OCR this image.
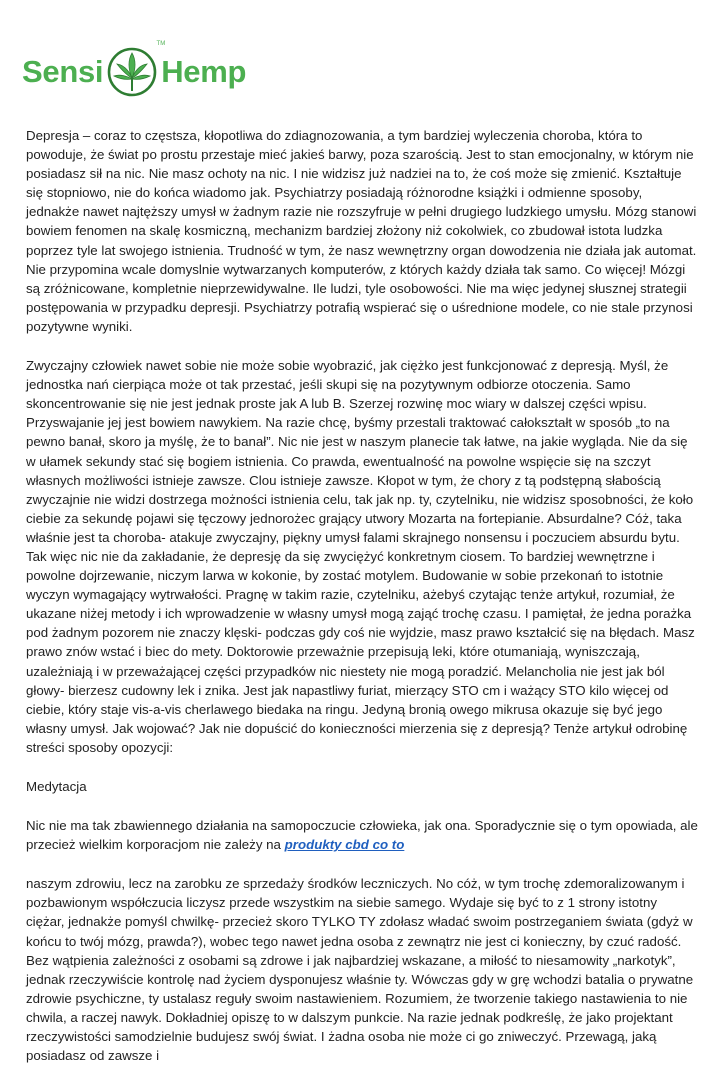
Sensi
TM
Hemp

Depresja – coraz to częstsza, kłopotliwa do zdiagnozowania, a tym bardziej wyleczenia choroba, która to powoduje, że świat po prostu przestaje mieć jakieś barwy, poza szarością. Jest to stan emocjonalny, w którym nie posiadasz sił na nic. Nie masz ochoty na nic. I nie widzisz już nadziei na to, że coś może się zmienić. Kształtuje się stopniowo, nie do końca wiadomo jak. Psychiatrzy posiadają różnorodne książki i odmienne sposoby, jednakże nawet najtęższy umysł w żadnym razie nie rozszyfruje w pełni drugiego ludzkiego umysłu. Mózg stanowi bowiem fenomen na skalę kosmiczną, mechanizm bardziej złożony niż cokolwiek, co zbudował istota ludzka poprzez tyle lat swojego istnienia. Trudność w tym, że nasz wewnętrzny organ dowodzenia nie działa jak automat. Nie przypomina wcale domyslnie wytwarzanych komputerów, z których każdy działa tak samo. Co więcej! Mózgi są zróżnicowane, kompletnie nieprzewidywalne. Ile ludzi, tyle osobowości. Nie ma więc jedynej słusznej strategii postępowania w przypadku depresji. Psychiatrzy potrafią wspierać się o uśrednione modele, co nie stale przynosi pozytywne wyniki.

Zwyczajny człowiek nawet sobie nie może sobie wyobrazić, jak ciężko jest funkcjonować z depresją. Myśl, że jednostka nań cierpiąca może ot tak przestać, jeśli skupi się na pozytywnym odbiorze otoczenia. Samo skoncentrowanie się nie jest jednak proste jak A lub B. Szerzej rozwinę moc wiary w dalszej części wpisu. Przyswajanie jej jest bowiem nawykiem. Na razie chcę, byśmy przestali traktować całokształt w sposób „to na pewno banał, skoro ja myślę, że to banał”. Nic nie jest w naszym planecie tak łatwe, na jakie wygląda. Nie da się w ułamek sekundy stać się bogiem istnienia. Co prawda, ewentualność na powolne wspięcie się na szczyt własnych możliwości istnieje zawsze. Clou istnieje zawsze. Kłopot w tym, że chory z tą podstępną słabością zwyczajnie nie widzi dostrzega możności istnienia celu, tak jak np. ty, czytelniku, nie widzisz sposobności, że koło ciebie za sekundę pojawi się tęczowy jednorożec grający utwory Mozarta na fortepianie. Absurdalne? Cóż, taka właśnie jest ta choroba- atakuje zwyczajny, piękny umysł falami skrajnego nonsensu i poczuciem absurdu bytu. Tak więc nic nie da zakładanie, że depresję da się zwyciężyć konkretnym ciosem. To bardziej wewnętrzne i powolne dojrzewanie, niczym larwa w kokonie, by zostać motylem. Budowanie w sobie przekonań to istotnie wyczyn wymagający wytrwałości. Pragnę w takim razie, czytelniku, ażebyś czytając tenże artykuł, rozumiał, że ukazane niżej metody i ich wprowadzenie w własny umysł mogą zająć trochę czasu. I pamiętał, że jedna porażka pod żadnym pozorem nie znaczy klęski- podczas gdy coś nie wyjdzie, masz prawo kształcić się na błędach. Masz prawo znów wstać i biec do mety. Doktorowie przeważnie przepisują leki, które otumaniają, wyniszczają, uzależniają i w przeważającej części przypadków nic niestety nie mogą poradzić. Melancholia nie jest jak ból głowy- bierzesz cudowny lek i znika. Jest jak napastliwy furiat, mierzący STO cm i ważący STO kilo więcej od ciebie, który staje vis-a-vis cherlawego biedaka na ringu. Jedyną bronią owego mikrusa okazuje się być jego własny umysł. Jak wojować? Jak nie dopuścić do konieczności mierzenia się z depresją? Tenże artykuł odrobinę streści sposoby opozycji:

Medytacja

Nic nie ma tak zbawiennego działania na samopoczucie człowieka, jak ona. Sporadycznie się o tym opowiada, ale przecież wielkim korporacjom nie zależy na produkty cbd co to

naszym zdrowiu, lecz na zarobku ze sprzedaży środków leczniczych. No cóż, w tym trochę zdemoralizowanym i pozbawionym współczucia liczysz przede wszystkim na siebie samego. Wydaje się być to z 1 strony istotny ciężar, jednakże pomyśl chwilkę- przecież skoro TYLKO TY zdołasz władać swoim postrzeganiem świata (gdyż w końcu to twój mózg, prawda?), wobec tego nawet jedna osoba z zewnątrz nie jest ci konieczny, by czuć radość. Bez wątpienia zależności z osobami są zdrowe i jak najbardziej wskazane, a miłość to niesamowity „narkotyk”, jednak rzeczywiście kontrolę nad życiem dysponujesz właśnie ty. Wówczas gdy w grę wchodzi batalia o prywatne zdrowie psychiczne, ty ustalasz reguły swoim nastawieniem. Rozumiem, że tworzenie takiego nastawienia to nie chwila, a raczej nawyk. Dokładniej opiszę to w dalszym punkcie. Na razie jednak podkreślę, że jako projektant rzeczywistości samodzielnie budujesz swój świat. I żadna osoba nie może ci go zniweczyć. Przewagą, jaką posiadasz od zawsze i
